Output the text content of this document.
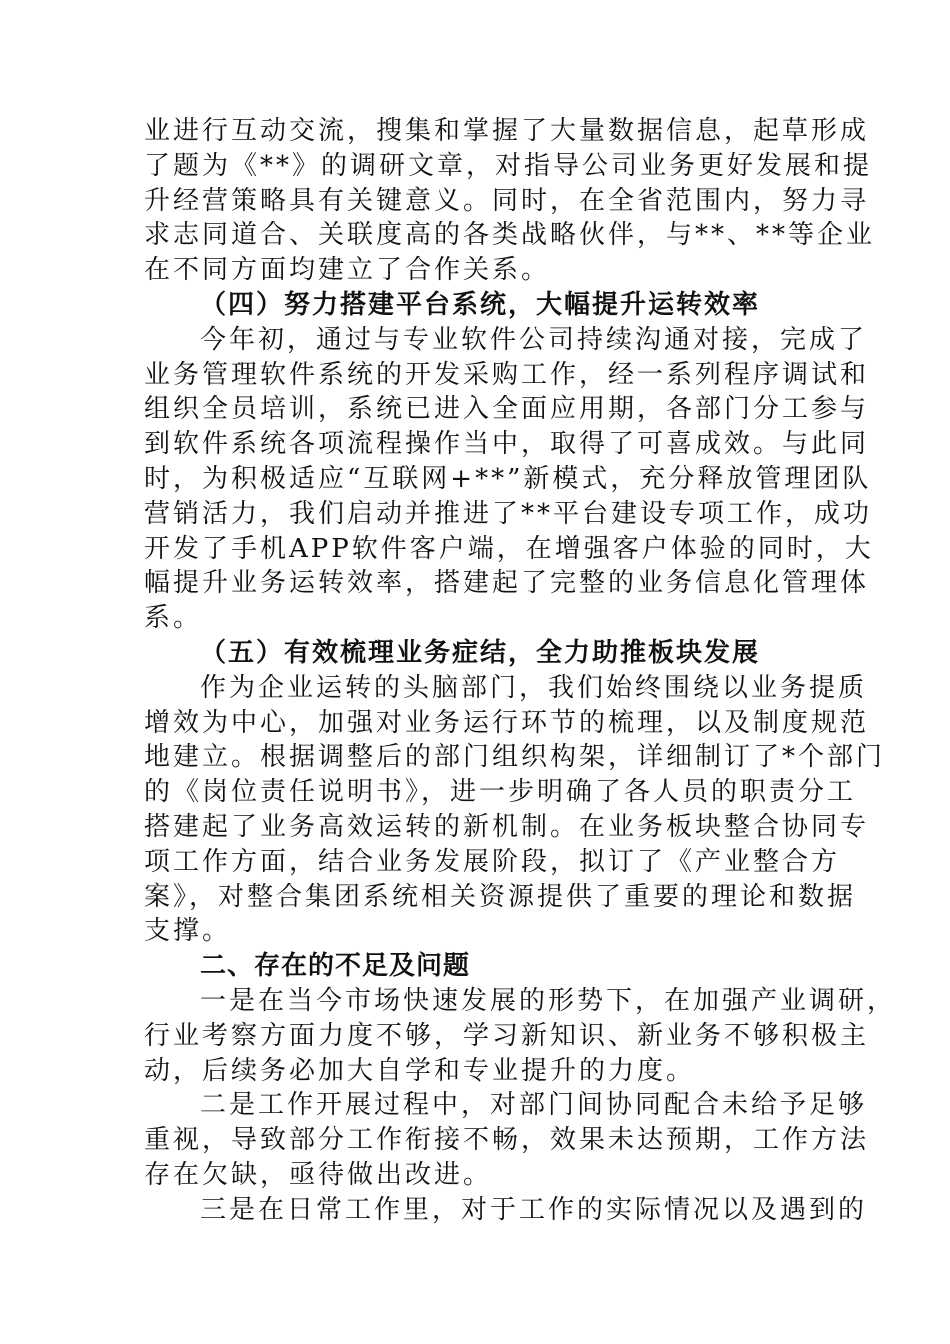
业进行互动交流，搜集和掌握了大量数据信息，起草形成
了题为《**》的调研文章，对指导公司业务更好发展和提
升经营策略具有关键意义。同时，在全省范围内，努力寻
求志同道合、关联度高的各类战略伙伴，与**、**等企业
在不同方面均建立了合作关系。
（四）努力搭建平台系统，大幅提升运转效率
今年初，通过与专业软件公司持续沟通对接，完成了
业务管理软件系统的开发采购工作，经一系列程序调试和
组织全员培训，系统已进入全面应用期，各部门分工参与
到软件系统各项流程操作当中，取得了可喜成效。与此同
时，为积极适应“互联网+**”新模式，充分释放管理团队
营销活力，我们启动并推进了**平台建设专项工作，成功
开发了手机APP软件客户端，在增强客户体验的同时，大
幅提升业务运转效率，搭建起了完整的业务信息化管理体
系。
（五）有效梳理业务症结，全力助推板块发展
作为企业运转的头脑部门，我们始终围绕以业务提质
增效为中心，加强对业务运行环节的梳理，以及制度规范
地建立。根据调整后的部门组织构架，详细制订了*个部门
的《岗位责任说明书》，进一步明确了各人员的职责分工
搭建起了业务高效运转的新机制。在业务板块整合协同专
项工作方面，结合业务发展阶段，拟订了《产业整合方
案》，对整合集团系统相关资源提供了重要的理论和数据
支撑。
二、存在的不足及问题
一是在当今市场快速发展的形势下，在加强产业调研，
行业考察方面力度不够，学习新知识、新业务不够积极主
动，后续务必加大自学和专业提升的力度。
二是工作开展过程中，对部门间协同配合未给予足够
重视，导致部分工作衔接不畅，效果未达预期，工作方法
存在欠缺，亟待做出改进。
三是在日常工作里，对于工作的实际情况以及遇到的
